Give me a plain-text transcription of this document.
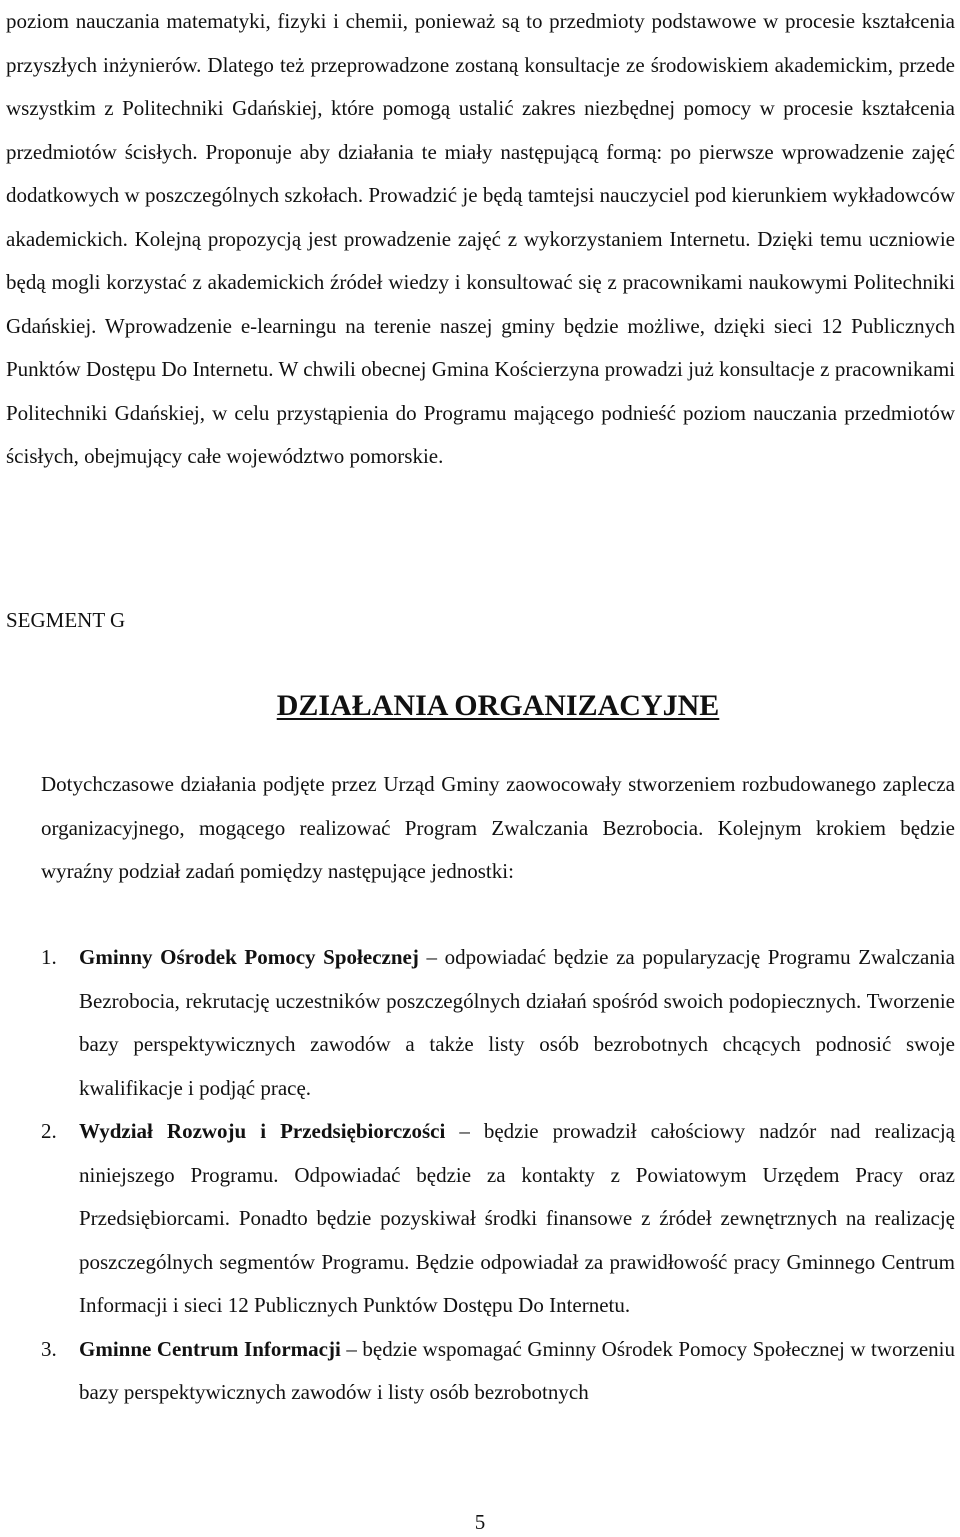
poziom nauczania matematyki, fizyki i chemii, ponieważ są to przedmioty podstawowe w procesie kształcenia przyszłych inżynierów. Dlatego też przeprowadzone zostaną konsultacje ze środowiskiem akademickim, przede wszystkim z Politechniki Gdańskiej, które pomogą ustalić zakres niezbędnej pomocy w procesie kształcenia przedmiotów ścisłych. Proponuje aby działania te miały następującą formą: po pierwsze wprowadzenie zajęć dodatkowych w poszczególnych szkołach. Prowadzić je będą tamtejsi nauczyciel pod kierunkiem wykładowców akademickich. Kolejną propozycją jest prowadzenie zajęć z wykorzystaniem Internetu. Dzięki temu uczniowie będą mogli korzystać z akademickich źródeł wiedzy i konsultować się z pracownikami naukowymi Politechniki Gdańskiej. Wprowadzenie e-learningu na terenie naszej gminy będzie możliwe, dzięki sieci 12 Publicznych Punktów Dostępu Do Internetu. W chwili obecnej Gmina Kościerzyna prowadzi już konsultacje z pracownikami Politechniki Gdańskiej, w celu przystąpienia do Programu mającego podnieść poziom nauczania przedmiotów ścisłych, obejmujący całe województwo pomorskie.

SEGMENT G
DZIAŁANIA ORGANIZACYJNE

Dotychczasowe działania podjęte przez Urząd Gminy zaowocowały stworzeniem rozbudowanego zaplecza organizacyjnego, mogącego realizować Program Zwalczania Bezrobocia. Kolejnym krokiem będzie wyraźny podział zadań pomiędzy następujące jednostki:

1. Gminny Ośrodek Pomocy Społecznej – odpowiadać będzie za popularyzację Programu Zwalczania Bezrobocia, rekrutację uczestników poszczególnych działań spośród swoich podopiecznych. Tworzenie bazy perspektywicznych zawodów a także listy osób bezrobotnych chcących podnosić swoje kwalifikacje i podjąć pracę.
2. Wydział Rozwoju i Przedsiębiorczości – będzie prowadził całościowy nadzór nad realizacją niniejszego Programu. Odpowiadać będzie za kontakty z Powiatowym Urzędem Pracy oraz Przedsiębiorcami. Ponadto będzie pozyskiwał środki finansowe z źródeł zewnętrznych na realizację poszczególnych segmentów Programu. Będzie odpowiadał za prawidłowość pracy Gminnego Centrum Informacji i sieci 12 Publicznych Punktów Dostępu Do Internetu.
3. Gminne Centrum Informacji – będzie wspomagać Gminny Ośrodek Pomocy Społecznej w tworzeniu bazy perspektywicznych zawodów i listy osób bezrobotnych

5
